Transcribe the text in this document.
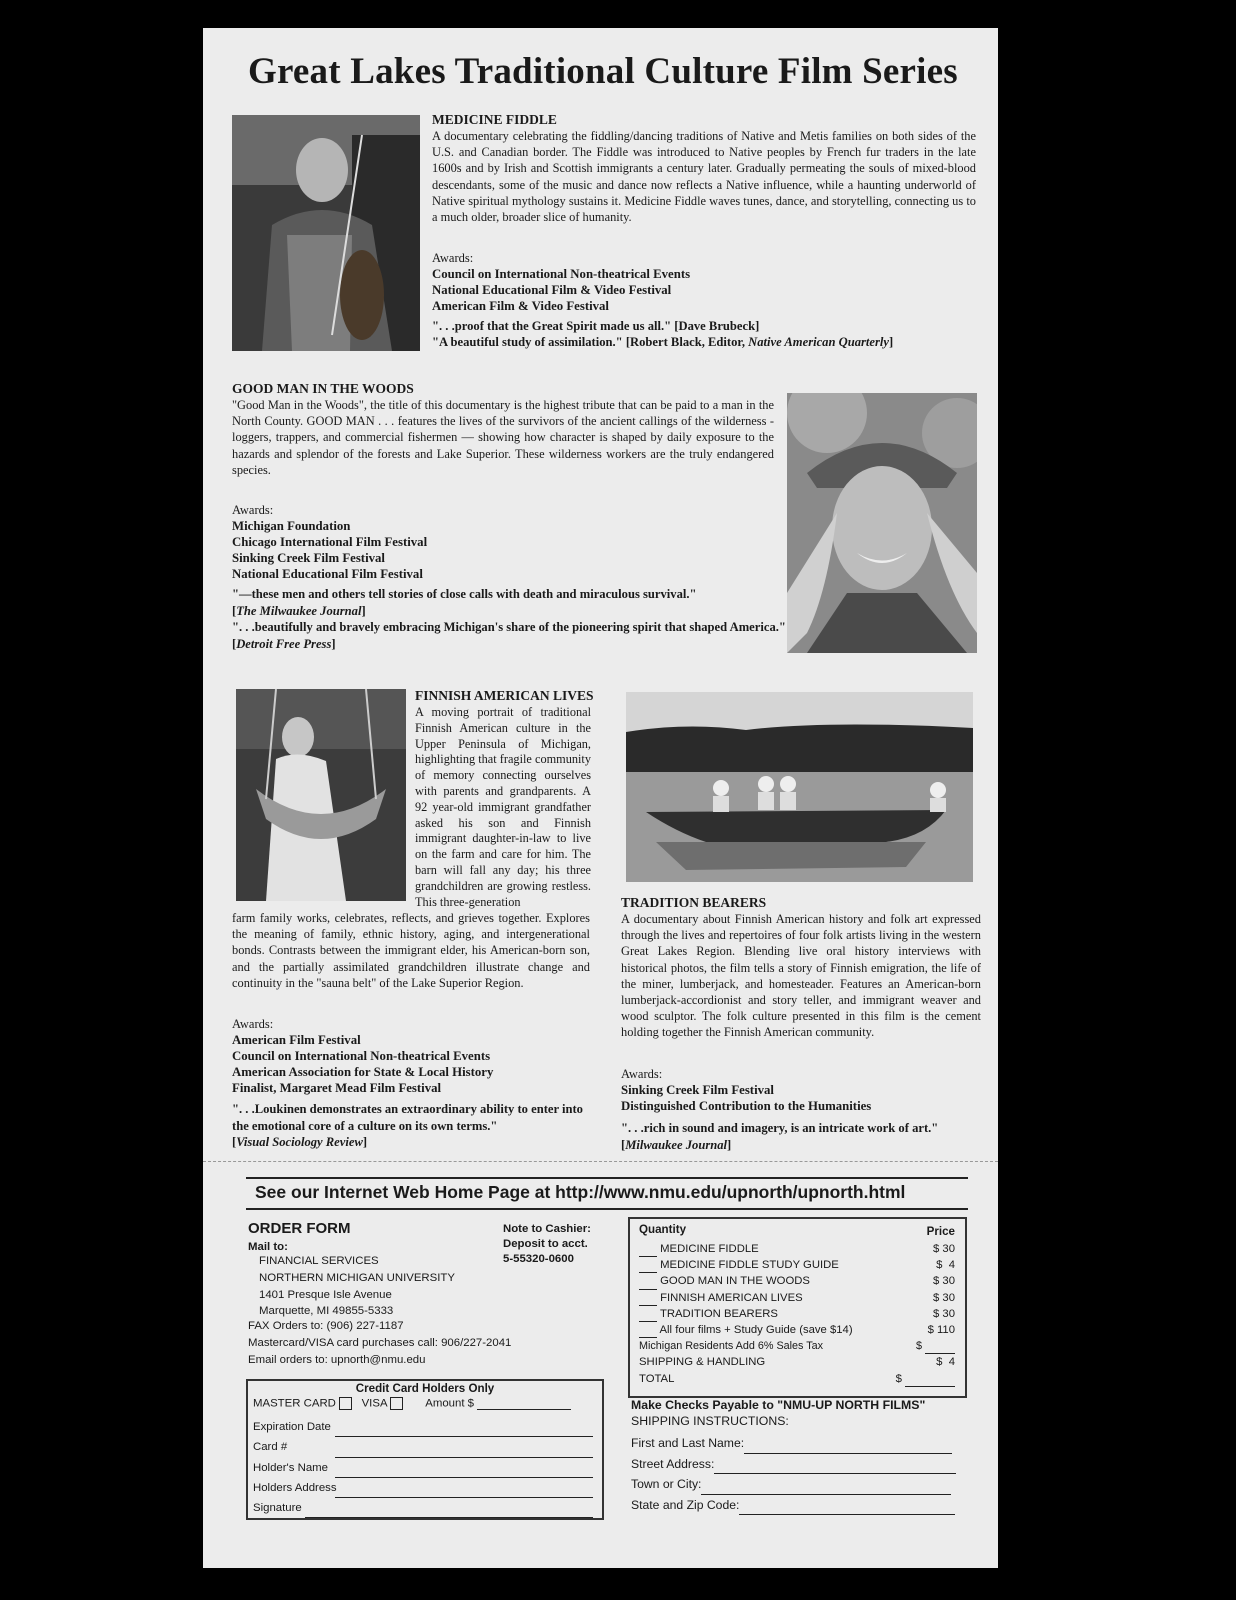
Great Lakes Traditional Culture Film Series
MEDICINE FIDDLE
A documentary celebrating the fiddling/dancing traditions of Native and Metis families on both sides of the U.S. and Canadian border. The Fiddle was introduced to Native peoples by French fur traders in the late 1600s and by Irish and Scottish immigrants a century later. Gradually permeating the souls of mixed-blood descendants, some of the music and dance now reflects a Native influence, while a haunting underworld of Native spiritual mythology sustains it. Medicine Fiddle waves tunes, dance, and storytelling, connecting us to a much older, broader slice of humanity.
Awards:
Council on International Non-theatrical Events
National Educational Film & Video Festival
American Film & Video Festival
". . .proof that the Great Spirit made us all." [Dave Brubeck]
"A beautiful study of assimilation." [Robert Black, Editor, Native American Quarterly]
GOOD MAN IN THE WOODS
"Good Man in the Woods", the title of this documentary is the highest tribute that can be paid to a man in the North County. GOOD MAN . . . features the lives of the survivors of the ancient callings of the wilderness - loggers, trappers, and commercial fishermen — showing how character is shaped by daily exposure to the hazards and splendor of the forests and Lake Superior. These wilderness workers are the truly endangered species.
Awards:
Michigan Foundation
Chicago International Film Festival
Sinking Creek Film Festival
National Educational Film Festival
"—these men and others tell stories of close calls with death and miraculous survival."
[The Milwaukee Journal]
". . .beautifully and bravely embracing Michigan's share of the pioneering spirit that shaped America."
[Detroit Free Press]
FINNISH AMERICAN LIVES
A moving portrait of traditional Finnish American culture in the Upper Peninsula of Michigan, highlighting that fragile community of memory connecting ourselves with parents and grandparents. A 92 year-old immigrant grandfather asked his son and Finnish immigrant daughter-in-law to live on the farm and care for him. The barn will fall any day; his three grandchildren are growing restless. This three-generation
farm family works, celebrates, reflects, and grieves together. Explores the meaning of family, ethnic history, aging, and intergenerational bonds. Contrasts between the immigrant elder, his American-born son, and the partially assimilated grandchildren illustrate change and continuity in the "sauna belt" of the Lake Superior Region.
Awards:
American Film Festival
Council on International Non-theatrical Events
American Association for State & Local History
Finalist, Margaret Mead Film Festival
". . .Loukinen demonstrates an extraordinary ability to enter into the emotional core of a culture on its own terms."
[Visual Sociology Review]
TRADITION BEARERS
A documentary about Finnish American history and folk art expressed through the lives and repertoires of four folk artists living in the western Great Lakes Region. Blending live oral history interviews with historical photos, the film tells a story of Finnish emigration, the life of the miner, lumberjack, and homesteader. Features an American-born lumberjack-accordionist and story teller, and immigrant weaver and wood sculptor. The folk culture presented in this film is the cement holding together the Finnish American community.
Awards:
Sinking Creek Film Festival
Distinguished Contribution to the Humanities
". . .rich in sound and imagery, is an intricate work of art."
[Milwaukee Journal]
See our Internet Web Home Page at http://www.nmu.edu/upnorth/upnorth.html
ORDER FORM
Mail to:
FINANCIAL SERVICES
NORTHERN MICHIGAN UNIVERSITY
1401 Presque Isle Avenue
Marquette, MI 49855-5333
FAX Orders to: (906) 227-1187
Mastercard/VISA card purchases call: 906/227-2041
Email orders to: upnorth@nmu.edu
Note to Cashier:
Deposit to acct.
5-55320-0600
Credit Card Holders Only
MASTER CARD VISA	Amount $
Expiration Date
Card #
Holder's Name
Holders Address
Signature
Quantity	Price
MEDICINE FIDDLE	$ 30
MEDICINE FIDDLE STUDY GUIDE	$  4
GOOD MAN IN THE WOODS	$ 30
FINNISH AMERICAN LIVES	$ 30
TRADITION BEARERS	$ 30
All four films + Study Guide (save $14)	$ 110
Michigan Residents Add 6% Sales Tax	$
SHIPPING & HANDLING	$  4
TOTAL	$
Make Checks Payable to "NMU-UP NORTH FILMS"
SHIPPING INSTRUCTIONS:
First and Last Name:
Street Address:
Town or City:
State and Zip Code:
